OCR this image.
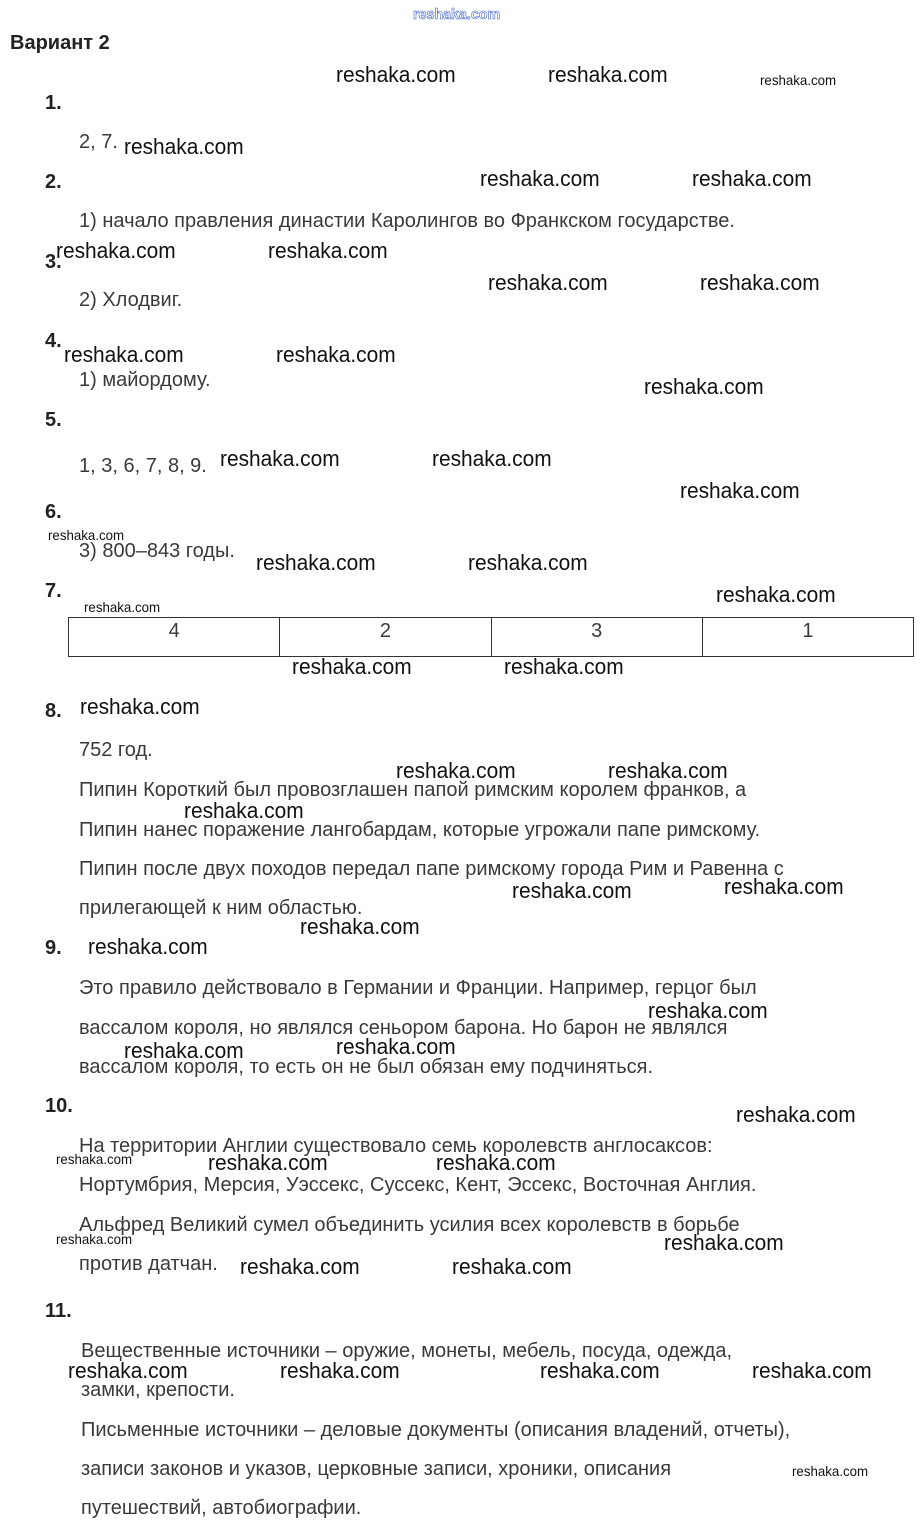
Вариант 2
1.
2, 7.
2.
1) начало правления династии Каролингов во Франкском государстве.
3.
2) Хлодвиг.
4.
1) майордому.
5.
1, 3, 6, 7, 8, 9.
6.
3) 800–843 годы.
7.
4	2	3	1
8.
752 год.
Пипин Короткий был провозглашен папой римским королем франков, а
Пипин нанес поражение лангобардам, которые угрожали папе римскому.
Пипин после двух походов передал папе римскому города Рим и Равенна с
прилегающей к ним областью.
9.
Это правило действовало в Германии и Франции. Например, герцог был
вассалом короля, но являлся сеньором барона. Но барон не являлся
вассалом короля, то есть он не был обязан ему подчиняться.
10.
На территории Англии существовало семь королевств англосаксов:
Нортумбрия, Мерсия, Уэссекс, Суссекс, Кент, Эссекс, Восточная Англия.
Альфред Великий сумел объединить усилия всех королевств в борьбе
против датчан.
11.
Вещественные источники – оружие, монеты, мебель, посуда, одежда,
замки, крепости.
Письменные источники – деловые документы (описания владений, отчеты),
записи законов и указов, церковные записи, хроники, описания
путешествий, автобиографии.
reshaka.com
reshaka.com	reshaka.com	reshaka.com
reshaka.com
reshaka.com	reshaka.com
reshaka.com	reshaka.com
reshaka.com	reshaka.com
reshaka.com	reshaka.com
reshaka.com
reshaka.com	reshaka.com
reshaka.com
reshaka.com
reshaka.com	reshaka.com
reshaka.com
reshaka.com
reshaka.com	reshaka.com
reshaka.com
reshaka.com	reshaka.com
reshaka.com
reshaka.com	reshaka.com
reshaka.com
reshaka.com
reshaka.com
reshaka.com	reshaka.com
reshaka.com
reshaka.com	reshaka.com	reshaka.com
reshaka.com	reshaka.com
reshaka.com	reshaka.com
reshaka.com	reshaka.com	reshaka.com	reshaka.com
reshaka.com
